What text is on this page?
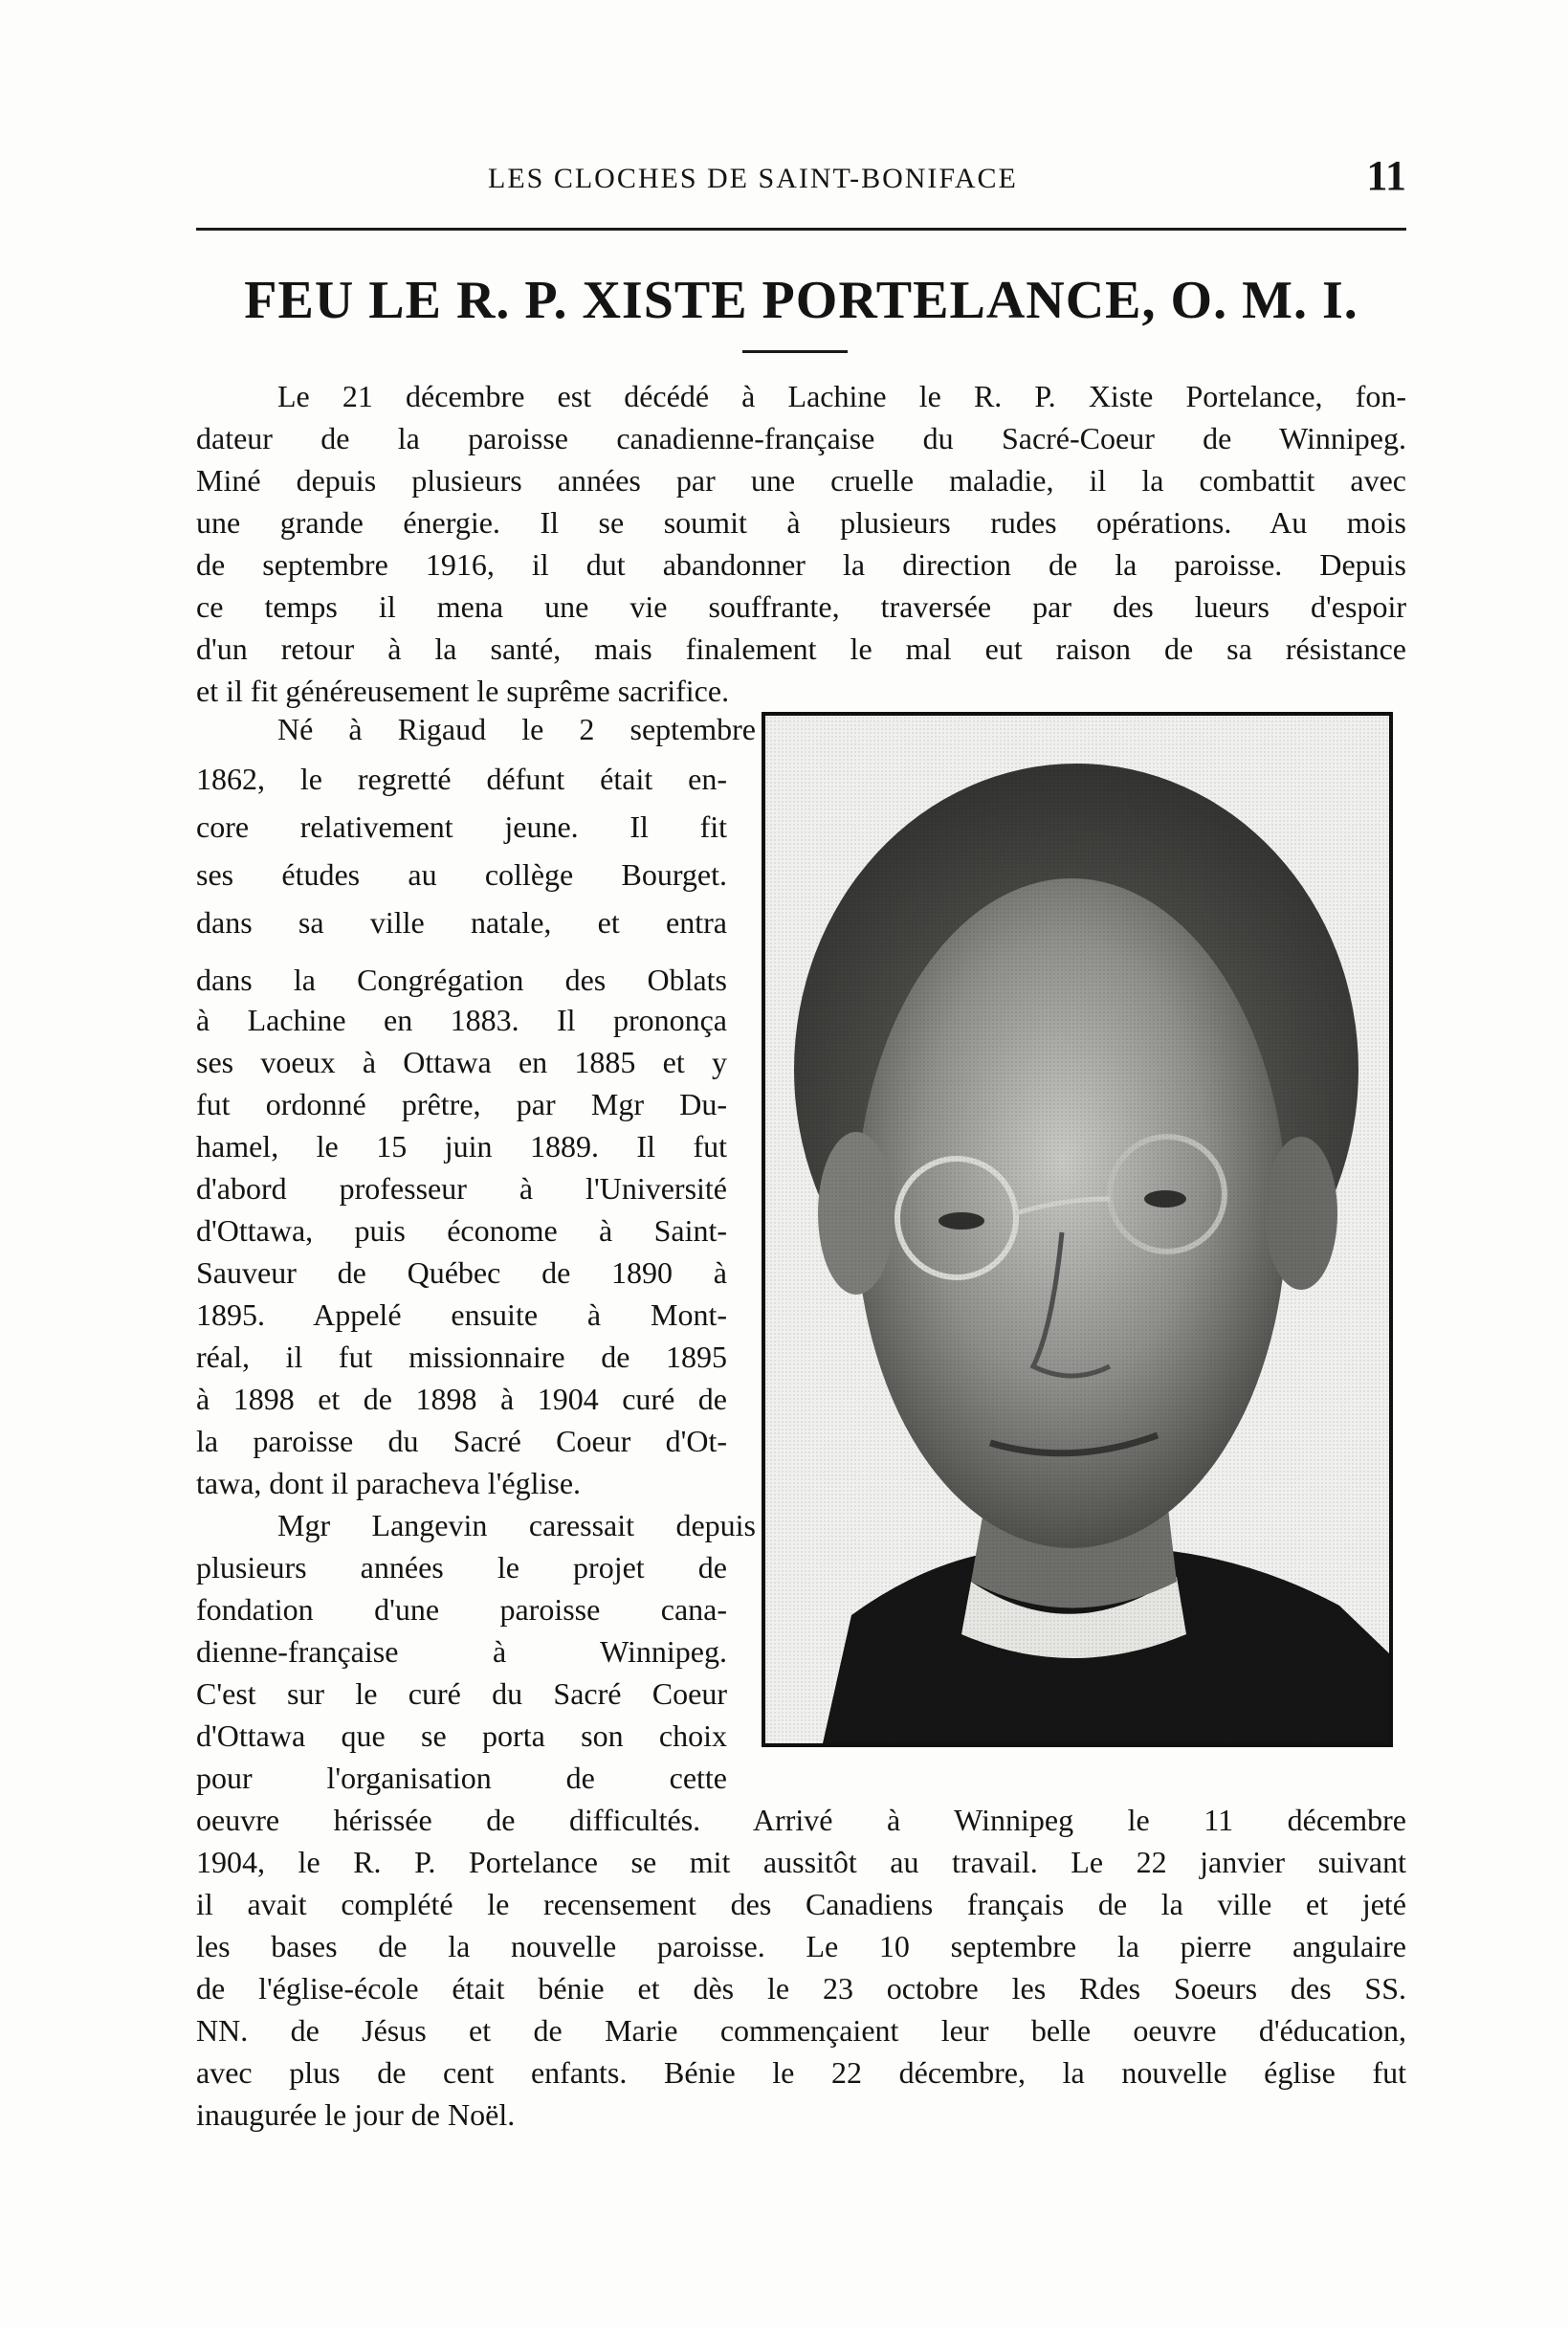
LES CLOCHES DE SAINT-BONIFACE	11
FEU LE R. P. XISTE PORTELANCE, O. M. I.
Le 21 décembre est décédé à Lachine le R. P. Xiste Portelance, fon-
dateur de la paroisse canadienne-française du Sacré-Coeur de Winnipeg.
Miné depuis plusieurs années par une cruelle maladie, il la combattit avec
une grande énergie. Il se soumit à plusieurs rudes opérations. Au mois
de septembre 1916, il dut abandonner la direction de la paroisse. Depuis
ce temps il mena une vie souffrante, traversée par des lueurs d'espoir
d'un retour à la santé, mais finalement le mal eut raison de sa résistance
et il fit généreusement le suprême sacrifice.
Né à Rigaud le 2 septembre
1862, le regretté défunt était en-
core relativement jeune. Il fit
ses études au collège Bourget.
dans sa ville natale, et entra
dans la Congrégation des Oblats
à Lachine en 1883. Il prononça
ses voeux à Ottawa en 1885 et y
fut ordonné prêtre, par Mgr Du-
hamel, le 15 juin 1889. Il fut
d'abord professeur à l'Université
d'Ottawa, puis économe à Saint-
Sauveur de Québec de 1890 à
1895. Appelé ensuite à Mont-
réal, il fut missionnaire de 1895
à 1898 et de 1898 à 1904 curé de
la paroisse du Sacré Coeur d'Ot-
tawa, dont il paracheva l'église.
Mgr Langevin caressait depuis
plusieurs années le projet de
fondation d'une paroisse cana-
dienne-française à Winnipeg.
C'est sur le curé du Sacré Coeur
d'Ottawa que se porta son choix
pour l'organisation de cette
oeuvre hérissée de difficultés. Arrivé à Winnipeg le 11 décembre
1904, le R. P. Portelance se mit aussitôt au travail. Le 22 janvier suivant
il avait complété le recensement des Canadiens français de la ville et jeté
les bases de la nouvelle paroisse. Le 10 septembre la pierre angulaire
de l'église-école était bénie et dès le 23 octobre les Rdes Soeurs des SS.
NN. de Jésus et de Marie commençaient leur belle oeuvre d'éducation,
avec plus de cent enfants. Bénie le 22 décembre, la nouvelle église fut
inaugurée le jour de Noël.
